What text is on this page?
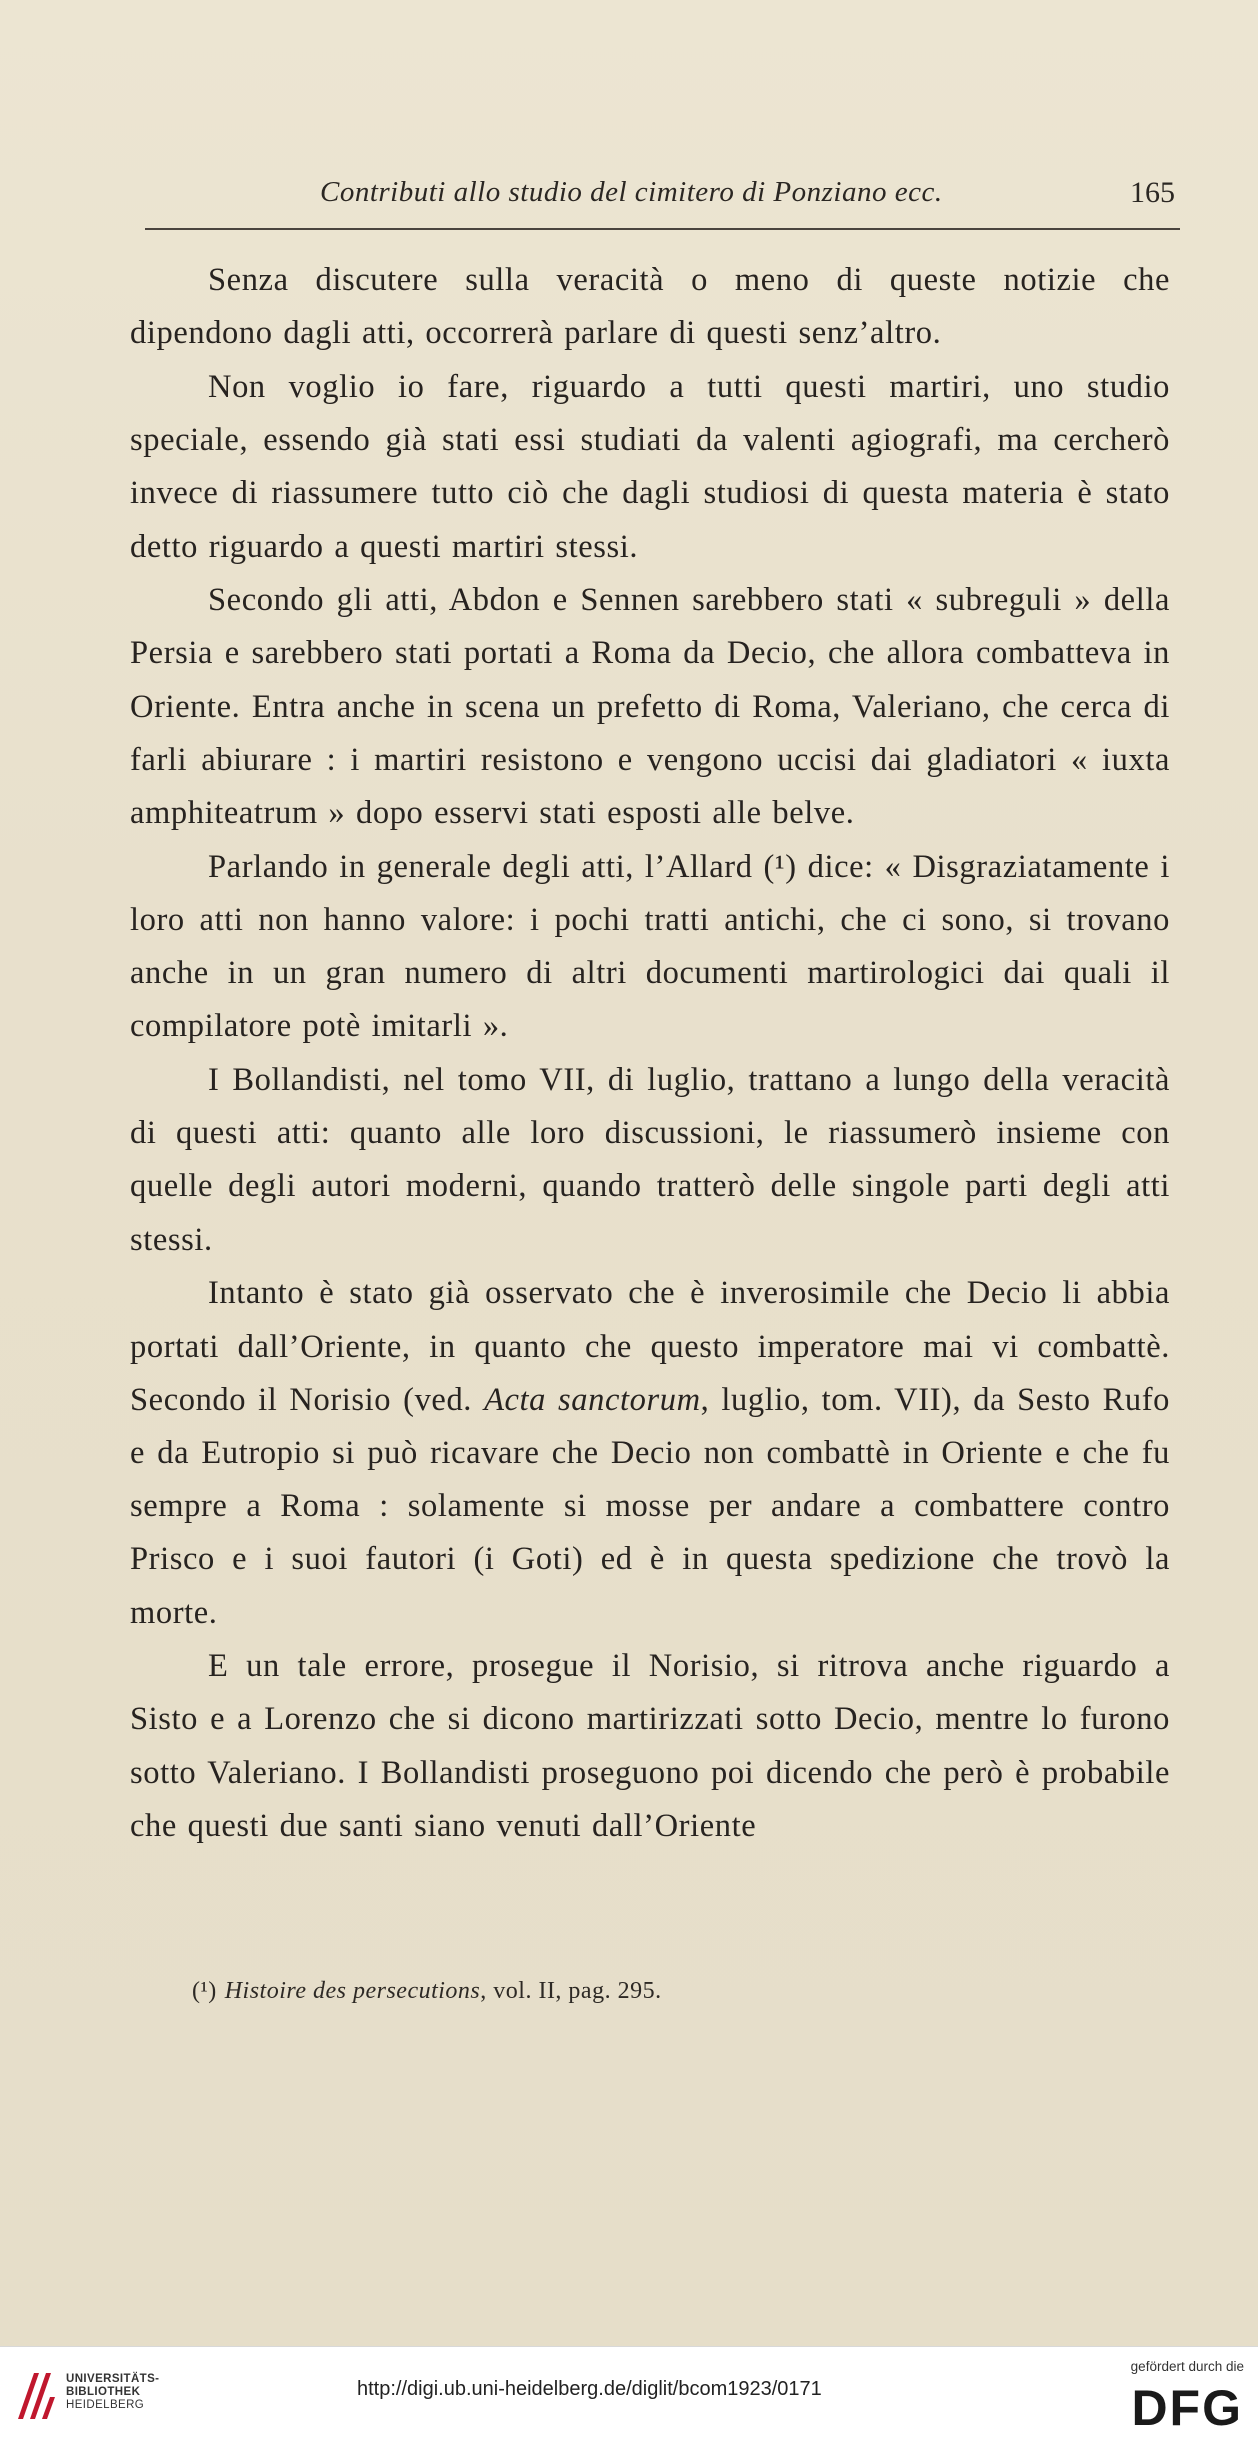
Contributi allo studio del cimitero di Ponziano ecc.	165

Senza discutere sulla veracità o meno di queste notizie che dipendono dagli atti, occorrerà parlare di questi senz’altro.

Non voglio io fare, riguardo a tutti questi martiri, uno studio speciale, essendo già stati essi studiati da valenti agiografi, ma cercherò invece di riassumere tutto ciò che dagli studiosi di questa materia è stato detto riguardo a questi martiri stessi.

Secondo gli atti, Abdon e Sennen sarebbero stati « subreguli » della Persia e sarebbero stati portati a Roma da Decio, che allora combatteva in Oriente. Entra anche in scena un prefetto di Roma, Valeriano, che cerca di farli abiurare : i martiri resistono e vengono uccisi dai gladiatori « iuxta amphiteatrum » dopo esservi stati esposti alle belve.

Parlando in generale degli atti, l’Allard (¹) dice: « Disgraziatamente i loro atti non hanno valore: i pochi tratti antichi, che ci sono, si trovano anche in un gran numero di altri documenti martirologici dai quali il compilatore potè imitarli ».

I Bollandisti, nel tomo VII, di luglio, trattano a lungo della veracità di questi atti: quanto alle loro discussioni, le riassumerò insieme con quelle degli autori moderni, quando tratterò delle singole parti degli atti stessi.

Intanto è stato già osservato che è inverosimile che Decio li abbia portati dall’Oriente, in quanto che questo imperatore mai vi combattè. Secondo il Norisio (ved. Acta sanctorum, luglio, tom. VII), da Sesto Rufo e da Eutropio si può ricavare che Decio non combattè in Oriente e che fu sempre a Roma : solamente si mosse per andare a combattere contro Prisco e i suoi fautori (i Goti) ed è in questa spedizione che trovò la morte.

E un tale errore, prosegue il Norisio, si ritrova anche riguardo a Sisto e a Lorenzo che si dicono martirizzati sotto Decio, mentre lo furono sotto Valeriano. I Bollandisti proseguono poi dicendo che però è probabile che questi due santi siano venuti dall’Oriente

(¹) Histoire des persecutions, vol. II, pag. 295.
UNIVERSITÄTS-
BIBLIOTHEK
HEIDELBERG
http://digi.ub.uni-heidelberg.de/diglit/bcom1923/0171
gefördert durch die
DFG
